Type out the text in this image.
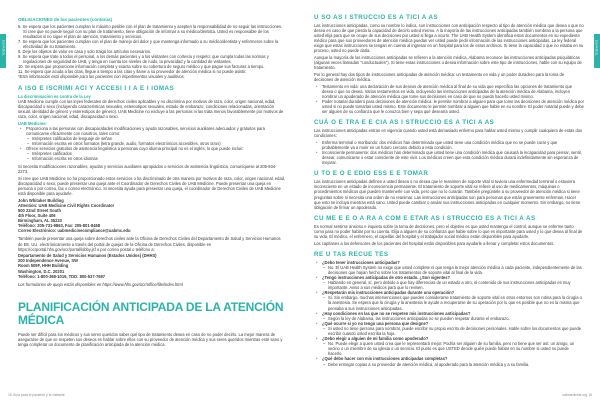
ESPAÑOL
OBLIGACIONES de los pacientes (continúa)
6. Se espera que los pacientes cumplan lo máximo posible con el plan de tratamiento y acepten la responsabilidad de no seguir las instrucciones. Si cree que no puede seguir con su plan de tratamiento, tiene obligación de informar a su médico/dentista. Usted es responsable de los resultados si no sigue el plan de atención, tratamiento y servicios.
7. Se espera que los pacientes cumplan con el plan de manejo del dolor y que mantenga informado a su médico/dentista y enfermeros sobre la efectividad de su tratamiento.
8. Deje los objetos de valor en casa y solo traiga los artículos necesarios.
9. Se espera que trate a todos el personal, a los demás pacientes y a los visitantes con cortesía y respeto; que cumpla todas las normas y regulaciones de seguridad de UAB, y tenga en cuenta los niveles de ruido, la privacidad y la cantidad de visitantes.
10. Se espera que proporcione información completa y exacta sobre su cobertura de seguro médico y que pague sus facturas a tiempo.
11. Se espera que acuda a las citas, llegue a tiempo a las citas y llame a su proveedor de atención médica si no puede asistir.
*Esta información está disponible para los pacientes con impedimentos visuales y auditivos.
A ISO E ISCRIMI ACI Y ACCESI I I A E I IOMAS
La discriminación es contra de la Ley
UAB Medicine cumple con las leyes federales de derechos civiles aplicables y no discrimina por motivos de raza, color, origen nacional, edad, discapacidad o sexo (incluyendo características sexuales, estereotipos sexuales, estado de embarazo, condiciones relacionadas, orientación sexual, identidad de género y estereotipos de género). UAB Medicine no excluye a las personas ni las trata menos favorablemente por motivos de raza, color, origen nacional, edad, discapacidad o sexo.
UAB Medicine:
• Proporciona a las personas con discapacidades modificaciones y ayuda razonables, servicios auxiliares adecuados y gratuitos para comunicarse eficazmente con nosotros, tales como:
– Intérpretes calificados de lenguaje de señas
– Información escrita en otros formatos (letra grande, audio, formatos electrónicos accesibles, otros otros)
• Ofrece servicios gratuitos de asistencia lingüística a personas cuyo idioma principal no es el inglés, lo que puede incluir:
– Intérpretes calificados
– Información escrita en otros idiomas
Si necesita modificaciones razonables, ayudas y servicios auxiliares apropiados o servicios de asistencia lingüística, comuníquese al 205-934-2273.
Si cree que UAB Medicine no ha proporcionado estos servicios o ha discriminado de otra manera por motivos de raza, color, origen nacional, edad, discapacidad o sexo, puede presentar una queja ante el Coordinador de Derechos Civiles de UAB Medicine. Puede presentar una queja en persona o por correo, fax o correo electrónico. Si necesita ayuda para presentar una queja, el coordinador de Derechos Civiles de UAB Medicine está disponible para ayudarle.
John Whitaker Building
Attention: UAB Medicine Civil Rights Coordinator
500 22nd Street South
4th Floor, Suite 406
Birmingham, AL 35233
Teléfono: 205-731-9863, Fax: 205-801-8468
Correo Electrónico: uabmedicinecompliance@uabmc.edu
También puede presentar una queja sobre derechos civiles ante la Oficina de Derechos Civiles del Departamento de Salud y Servicios Humanos de EE. UU. electrónicamente a través del portal de quejas de la Oficina de Derechos Civiles, disponible en https://ocrportal.hhs.gov/ocr/portal/lobby.jsf o por correo postal o teléfono a:
Departamento de Salud y Servicios Humanos (Estados Unidos) (DHHS)
200 Independence Avenue, SW
Room 509F, HHH Building
Washington, D.C. 20201
Teléfono: 1-800-368-1019, TDD: 800-537-7697
Los formularios de queja están disponibles en https://www.hhs.gov/ocr/office/file/index.html
PLANIFICACIÓN ANTICIPADA DE LA ATENCIÓN MÉDICA
Puede ser difícil para los médicos y sus seres queridos saber qué tipo de tratamiento desea en caso de no poder decirlo. La mejor manera de asegurarse de que se respeten sus deseos es hablar sobre ellos con su proveedor de atención médica y sus seres queridos mientras esté sano y tenga completar un documento de planificación anticipada de la atención médica.
18 Guía para el paciente y la visitante
ESPAÑOL
U SO AS I STRUCCIO ES A TICI A AS
Las instrucciones anticipadas, como su nombre lo indica, son instrucciones con anticipación respecto al tipo de atención médica que desea o que no desea en caso de que pierda la capacidad de decirlo usted mismo. A la mayoría de las instrucciones anticipadas también nombran a la persona que usted elija para que se ocupe de sus decisiones por usted si llega a ocurrir. The UAB Health System identifica estos documentos en su expediente médico para que sus proveedores de atención médica puedan ver usted puede pedir información de las instrucciones anticipadas. La ley federal exige que estas instrucciones se tengan en cuenta al ingresar en un hospital para los de estos archivos. Si tiene la capacidad o que no estaba en su proceso, usted no puede darla.
Aunque la mayoría de las instrucciones anticipadas se refieren a la atención médica, Alabama reconoce las instrucciones anticipadas psiquiátricas (algunas veces llamadas "conductuales"). Si tiene estas instrucciones o desea información sobre este tipo de instrucciones, hable con su equipo de tratamiento.
Por lo general hay dos tipos de instrucciones anticipadas de atención médica: un testamento en vida y un poder duradero para la toma de decisiones de atención médica.
• Testamento en vida: una declaración de sus deseos de atención médica al final de su vida que especifica las opciones de tratamiento que desea o que no desea. Varios testamentos en vida, incluyendo las instrucciones anticipadas de la atención médica de Alabama, incluyen nombrar un apoderado de atención médica que tome sus decisiones en caso de que no pueda hacerlo usted mismo.
• Poder notarial duradero para decisiones de atención médica: le permite nombrar a alguien para que tome las decisiones de atención médica por usted si no puede tomarlas usted mismo. Este documento le permite nombrar a alguien que hable en su nombre. El poder notarial puede y debe ser alguien de su confianza que le conozca bien y sepa qué desearía usted.
CUÁ O E TRA E E CIA AS I STRUCCIO ES A TICI A AS
Las instrucciones anticipadas entran en vigencia cuando usted está demasiado enfermo para hablar usted mismo y cumplir cualquiera de estas dos condiciones:
• Enferma terminal o moribundo: dos médicos han determinado que usted tiene una condición médica que no se puede curar y que probablemente va a morir en un futuro cercano debido a esta condición.
• Inconsciente permanente: dos médicos han determinado que usted tiene una condición médica que causará la incapacidad para pensar, sentir, desear, comunicarse o estar consciente de este vivir. Los médicos creen que esta condición médica durará indefinidamente sin esperanza de mejorar.
U TO E O E EDIO ESS E E TOMAR
Las instrucciones anticipadas definen a usted desea o no desea que le reanimen de soporte vital si tuviera una enfermedad terminal o estuviera inconsciente en un estado de inconsciencia permanente. El tratamiento de soporte vital se refiere al uso de medicamentos, máquinas o procedimientos médicos que pueden mantenerle con vida, pero que no lo curarán. También pregúntele a su proveedor de atención médica si tiene preguntas sobre si necesita una orden de no reanimar. Las instrucciones anticipadas son para personas que están gravemente enfermas. Hacer que esto se incluya mientras está sano. Usted puede cambiar o anular sus instrucciones anticipadas en cualquier momento. Sin embargo, no tiene obligación de firmar un apoderado.
CU ME E E O A RA A COM E ETAR AS I STRUCCIO ES A TICI A AS
Es normal sentirse ansioso e inquieto sobre la toma de decisiones, pero el objetivo es que usted mantenga el control, aunque se enferme tanto como para no poder hablar por su cuenta. Elija a alguien de su confianza que hable sobre lo que es importante para usted y lo que desea al final de su vida. El médico, el enfermero, el capellán del hospital y el trabajador social médico están disponibles para ayudarle.
Los capitanes a los defensores de los pacientes del hospital están disponibles para ayudarle a llenar y completar estos documentos.
RE U TAS RECUE TES
• ¿Debo tener instrucciones anticipadas?
– No. El UAB Health System no exige que usted complete ni que tenga la mejor atención médica a cada paciente, independientemente de las decisiones que hayan hecho sobre los tratamientos de soporte vital al final de la vida.
• ¿Tengo instrucciones anticipadas de otro estado. ¿Son vigentes?
– Hablando en general, sí, pero debido a que hay diferencias de un estado a otro, el contenido de sus instrucciones anticipadas es muy importante. Aviso a sus médicos para que lo revisen.
• ¿Respetarán mis instrucciones anticipadas durante una operación?
– Sí. Sin embargo, muchas intervenciones que pueden considerarse tratamiento de soporte vital en otros entornos son rutina para la cirugía o la anestesia. Se espera que la cirugía y la anestesia le ayude a recuperarse de su operación por lo que es posible que no es la misma que pensaba a sus instrucciones anticipadas.
• ¿Hay condiciones en las que no se respeten mis instrucciones anticipadas?
– Según la ley de Alabama, las instrucciones anticipadas no se pueden respetar durante el embarazo.
• ¿Qué ocurre si yo no tengo una persona que designe?
– Si usted no tiene persona para nombrar, puede escribir su propio escrito de decisiones personales. Hable sobre los documentos que puede escribir cuando usted escriba la hoja.
• ¿Debo elegir a alguien de mi familia como apoderado?
– No. Puede elegir a quien usted crea que le representará mejor. Podría ser alguien de su familia, pero no tiene que ser así: un amigo, un vecino o un miembro de su iglesia o un servicio. El punto es que USTED decide quién puede hablar en su nombre si usted no puede hacerlo.
• ¿Qué debo hacer con mis instrucciones anticipadas completas?
– Debe entregar copias a su proveedor de atención médica, al apoderado para la atención médica y a su familia.
uabmedicine.org 19
